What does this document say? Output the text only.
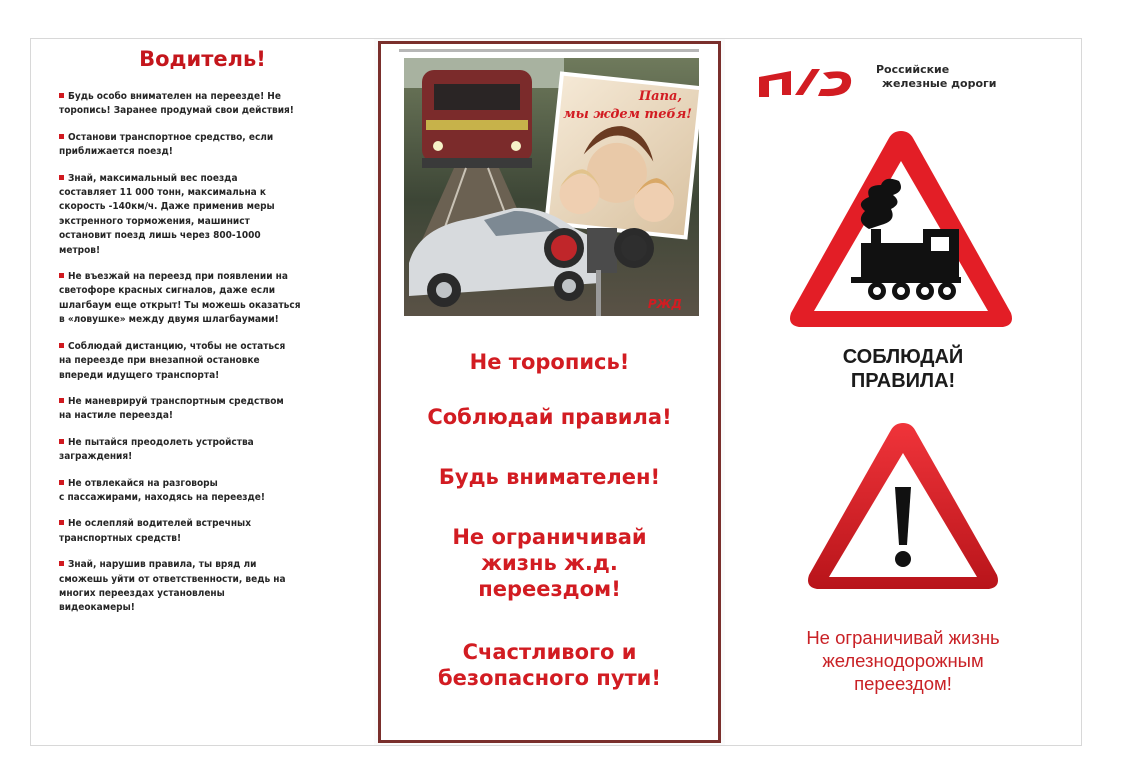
Водитель!
Будь особо внимателен на переезде! Не
торопись! Заранее продумай свои действия!
Останови транспортное средство, если
приближается поезд!
Знай, максимальный вес поезда
составляет 11 000 тонн, максимальна к
скорость -140км/ч. Даже применив меры
экстренного торможения, машинист
остановит поезд лишь через 800-1000
метров!
Не въезжай на переезд при появлении на
светофоре красных сигналов, даже если
шлагбаум еще открыт! Ты можешь оказаться
в «ловушке» между двумя шлагбаумами!
Соблюдай дистанцию, чтобы не остаться
на переезде при внезапной остановке
впереди идущего транспорта!
Не маневрируй транспортным средством
на настиле переезда!
Не пытайся преодолеть устройства
заграждения!
Не отвлекайся на разговоры
с пассажирами, находясь на переезде!
Не ослепляй водителей встречных
транспортных средств!
Знай, нарушив правила, ты вряд ли
сможешь уйти от ответственности, ведь на
многих переездах установлены
видеокамеры!
Папа,
мы ждем тебя!
РЖД

Не торопись!

Соблюдай правила!

Будь внимателен!

Не ограничивай

жизнь ж.д.

переездом!

Счастливого и

безопасного пути!

Российские
железные дороги
СОБЛЮДАЙ
ПРАВИЛА!
Не ограничивай жизнь
железнодорожным
переездом!
